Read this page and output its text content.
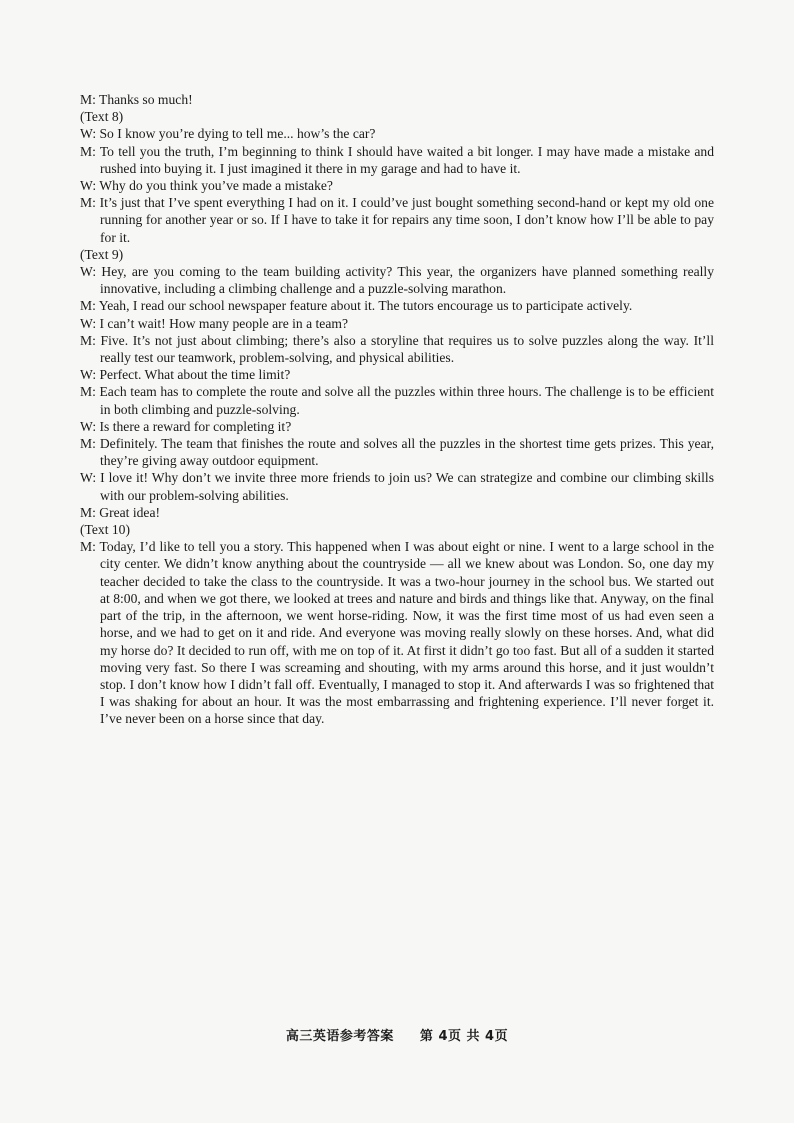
M: Thanks so much!

(Text 8)

W: So I know you’re dying to tell me... how’s the car?

M: To tell you the truth, I’m beginning to think I should have waited a bit longer. I may have made a mistake and rushed into buying it. I just imagined it there in my garage and had to have it.

W: Why do you think you’ve made a mistake?

M: It’s just that I’ve spent everything I had on it. I could’ve just bought something second-hand or kept my old one running for another year or so. If I have to take it for repairs any time soon, I don’t know how I’ll be able to pay for it.

(Text 9)

W: Hey, are you coming to the team building activity? This year, the organizers have planned something really innovative, including a climbing challenge and a puzzle-solving marathon.

M: Yeah, I read our school newspaper feature about it. The tutors encourage us to participate actively.

W: I can’t wait! How many people are in a team?

M: Five. It’s not just about climbing; there’s also a storyline that requires us to solve puzzles along the way. It’ll really test our teamwork, problem-solving, and physical abilities.

W: Perfect. What about the time limit?

M: Each team has to complete the route and solve all the puzzles within three hours. The challenge is to be efficient in both climbing and puzzle-solving.

W: Is there a reward for completing it?

M: Definitely. The team that finishes the route and solves all the puzzles in the shortest time gets prizes. This year, they’re giving away outdoor equipment.

W: I love it! Why don’t we invite three more friends to join us? We can strategize and combine our climbing skills with our problem-solving abilities.

M: Great idea!

(Text 10)

M: Today, I’d like to tell you a story. This happened when I was about eight or nine. I went to a large school in the city center. We didn’t know anything about the countryside — all we knew about was London. So, one day my teacher decided to take the class to the countryside. It was a two-hour journey in the school bus. We started out at 8:00, and when we got there, we looked at trees and nature and birds and things like that. Anyway, on the final part of the trip, in the afternoon, we went horse-riding. Now, it was the first time most of us had even seen a horse, and we had to get on it and ride. And everyone was moving really slowly on these horses. And, what did my horse do? It decided to run off, with me on top of it. At first it didn’t go too fast. But all of a sudden it started moving very fast. So there I was screaming and shouting, with my arms around this horse, and it just wouldn’t stop. I don’t know how I didn’t fall off. Eventually, I managed to stop it. And afterwards I was so frightened that I was shaking for about an hour. It was the most embarrassing and frightening experience. I’ll never forget it. I’ve never been on a horse since that day.

高三英语参考答案 第 4页 共 4页
